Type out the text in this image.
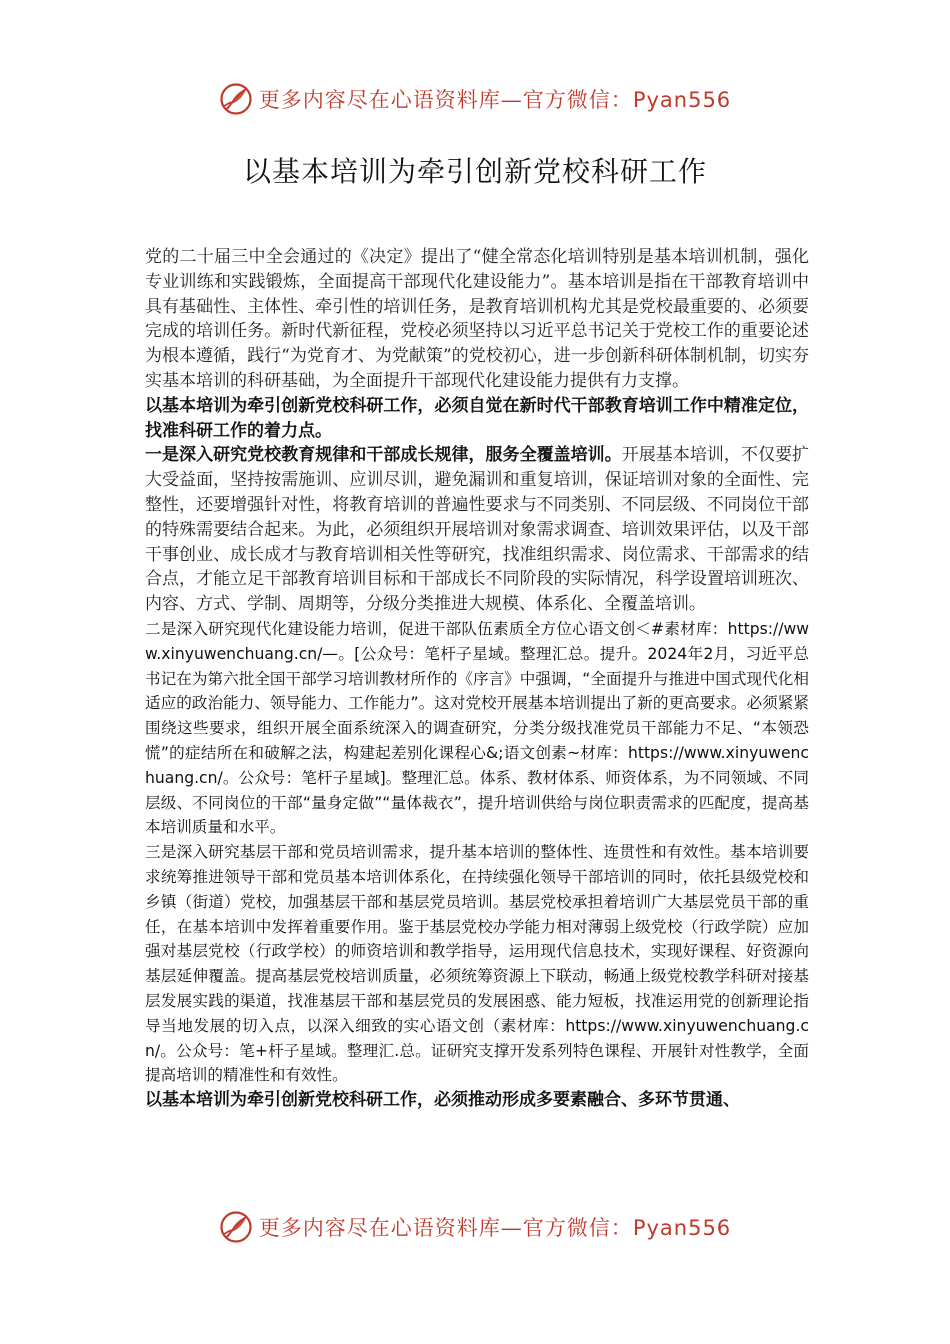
更多内容尽在心语资料库—官方微信：Pyan556
以基本培训为牵引创新党校科研工作

党的二十届三中全会通过的《决定》提出了“健全常态化培训特别是基本培训机制，强化专业训练和实践锻炼，全面提高干部现代化建设能力”。基本培训是指在干部教育培训中具有基础性、主体性、牵引性的培训任务，是教育培训机构尤其是党校最重要的、必须要完成的培训任务。新时代新征程，党校必须坚持以习近平总书记关于党校工作的重要论述为根本遵循，践行“为党育才、为党献策”的党校初心，进一步创新科研体制机制，切实夯实基本培训的科研基础，为全面提升干部现代化建设能力提供有力支撑。

以基本培训为牵引创新党校科研工作，必须自觉在新时代干部教育培训工作中精准定位，找准科研工作的着力点。

一是深入研究党校教育规律和干部成长规律，服务全覆盖培训。开展基本培训，不仅要扩大受益面，坚持按需施训、应训尽训，避免漏训和重复培训，保证培训对象的全面性、完整性，还要增强针对性，将教育培训的普遍性要求与不同类别、不同层级、不同岗位干部的特殊需要结合起来。为此，必须组织开展培训对象需求调查、培训效果评估，以及干部干事创业、成长成才与教育培训相关性等研究，找准组织需求、岗位需求、干部需求的结合点，才能立足干部教育培训目标和干部成长不同阶段的实际情况，科学设置培训班次、内容、方式、学制、周期等，分级分类推进大规模、体系化、全覆盖培训。

二是深入研究现代化建设能力培训，促进干部队伍素质全方位心语文创＜#素材库：https://www.xinyuwenchuang.cn/—。[公众号：笔杆子星域。整理汇总。提升。2024年2月，习近平总书记在为第六批全国干部学习培训教材所作的《序言》中强调，“全面提升与推进中国式现代化相适应的政治能力、领导能力、工作能力”。这对党校开展基本培训提出了新的更高要求。必须紧紧围绕这些要求，组织开展全面系统深入的调查研究，分类分级找准党员干部能力不足、“本领恐慌”的症结所在和破解之法，构建起差别化课程心&;语文创素~材库：https://www.xinyuwenchuang.cn/。公众号：笔杆子星域]。整理汇总。体系、教材体系、师资体系，为不同领域、不同层级、不同岗位的干部“量身定做”“量体裁衣”，提升培训供给与岗位职责需求的匹配度，提高基本培训质量和水平。

三是深入研究基层干部和党员培训需求，提升基本培训的整体性、连贯性和有效性。基本培训要求统筹推进领导干部和党员基本培训体系化，在持续强化领导干部培训的同时，依托县级党校和乡镇（街道）党校，加强基层干部和基层党员培训。基层党校承担着培训广大基层党员干部的重任，在基本培训中发挥着重要作用。鉴于基层党校办学能力相对薄弱上级党校（行政学院）应加强对基层党校（行政学校）的师资培训和教学指导，运用现代信息技术，实现好课程、好资源向基层延伸覆盖。提高基层党校培训质量，必须统筹资源上下联动，畅通上级党校教学科研对接基层发展实践的渠道，找准基层干部和基层党员的发展困惑、能力短板，找准运用党的创新理论指导当地发展的切入点，以深入细致的实心语文创（素材库：https://www.xinyuwenchuang.cn/。公众号：笔+杆子星域。整理汇.总。证研究支撑开发系列特色课程、开展针对性教学，全面提高培训的精准性和有效性。

以基本培训为牵引创新党校科研工作，必须推动形成多要素融合、多环节贯通、

更多内容尽在心语资料库—官方微信：Pyan556
